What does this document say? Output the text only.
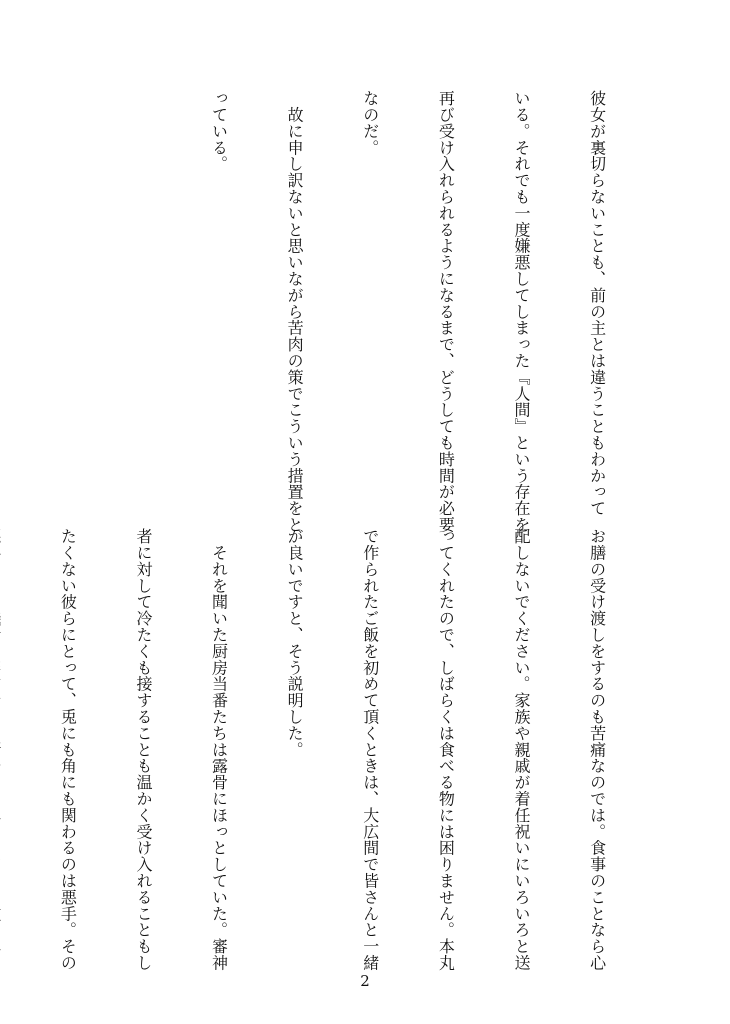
彼女が裏切らないことも、前の主とは違うこともわかって

いる。それでも一度嫌悪してしまった『人間』という存在を

再び受け入れられるようになるまで、どうしても時間が必要

なのだ。

　故に申し訳ないと思いながら苦肉の策でこういう措置をと

っている。

お膳の受け渡しをするのも苦痛なのでは。食事のことなら心

配しないでください。家族や親戚が着任祝いにいろいろと送

ってくれたので、しばらくは食べる物には困りません。本丸

で作られたご飯を初めて頂くときは、大広間で皆さんと一緒

が良いですと、そう説明した。

　それを聞いた厨房当番たちは露骨にほっとしていた。審神

者に対して冷たくも接することも温かく受け入れることもし

たくない彼らにとって、兎にも角にも関わるのは悪手。その

2
